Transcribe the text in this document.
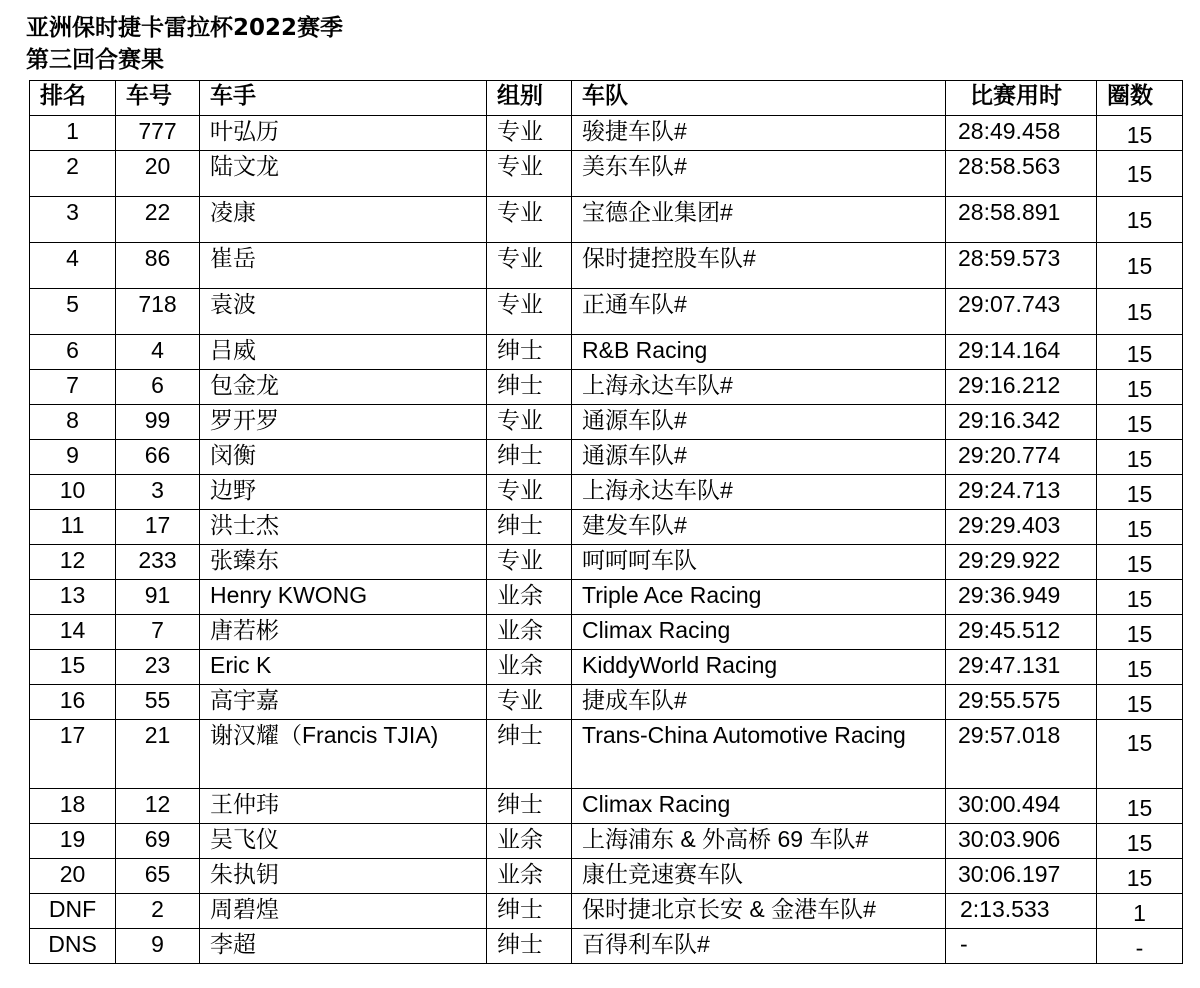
亚洲保时捷卡雷拉杯2022赛季
第三回合赛果
排名	车号	车手	组别	车队	比赛用时	圈数
1	777	叶弘历	专业	骏捷车队#	28:49.458	15
2	20	陆文龙	专业	美东车队#	28:58.563	15
3	22	凌康	专业	宝德企业集团#	28:58.891	15
4	86	崔岳	专业	保时捷控股车队#	28:59.573	15
5	718	袁波	专业	正通车队#	29:07.743	15
6	4	吕威	绅士	R&B Racing	29:14.164	15
7	6	包金龙	绅士	上海永达车队#	29:16.212	15
8	99	罗开罗	专业	通源车队#	29:16.342	15
9	66	闵衡	绅士	通源车队#	29:20.774	15
10	3	边野	专业	上海永达车队#	29:24.713	15
11	17	洪士杰	绅士	建发车队#	29:29.403	15
12	233	张臻东	专业	呵呵呵车队	29:29.922	15
13	91	Henry KWONG	业余	Triple Ace Racing	29:36.949	15
14	7	唐若彬	业余	Climax Racing	29:45.512	15
15	23	Eric K	业余	KiddyWorld Racing	29:47.131	15
16	55	高宇嘉	专业	捷成车队#	29:55.575	15
17	21	谢汉耀（Francis TJIA)	绅士	Trans-China Automotive Racing	29:57.018	15
18	12	王仲玮	绅士	Climax Racing	30:00.494	15
19	69	吴飞仪	业余	上海浦东 & 外高桥 69 车队#	30:03.906	15
20	65	朱执钥	业余	康仕竞速赛车队	30:06.197	15
DNF	2	周碧煌	绅士	保时捷北京长安 & 金港车队#	2:13.533	1
DNS	9	李超	绅士	百得利车队#	-	-
